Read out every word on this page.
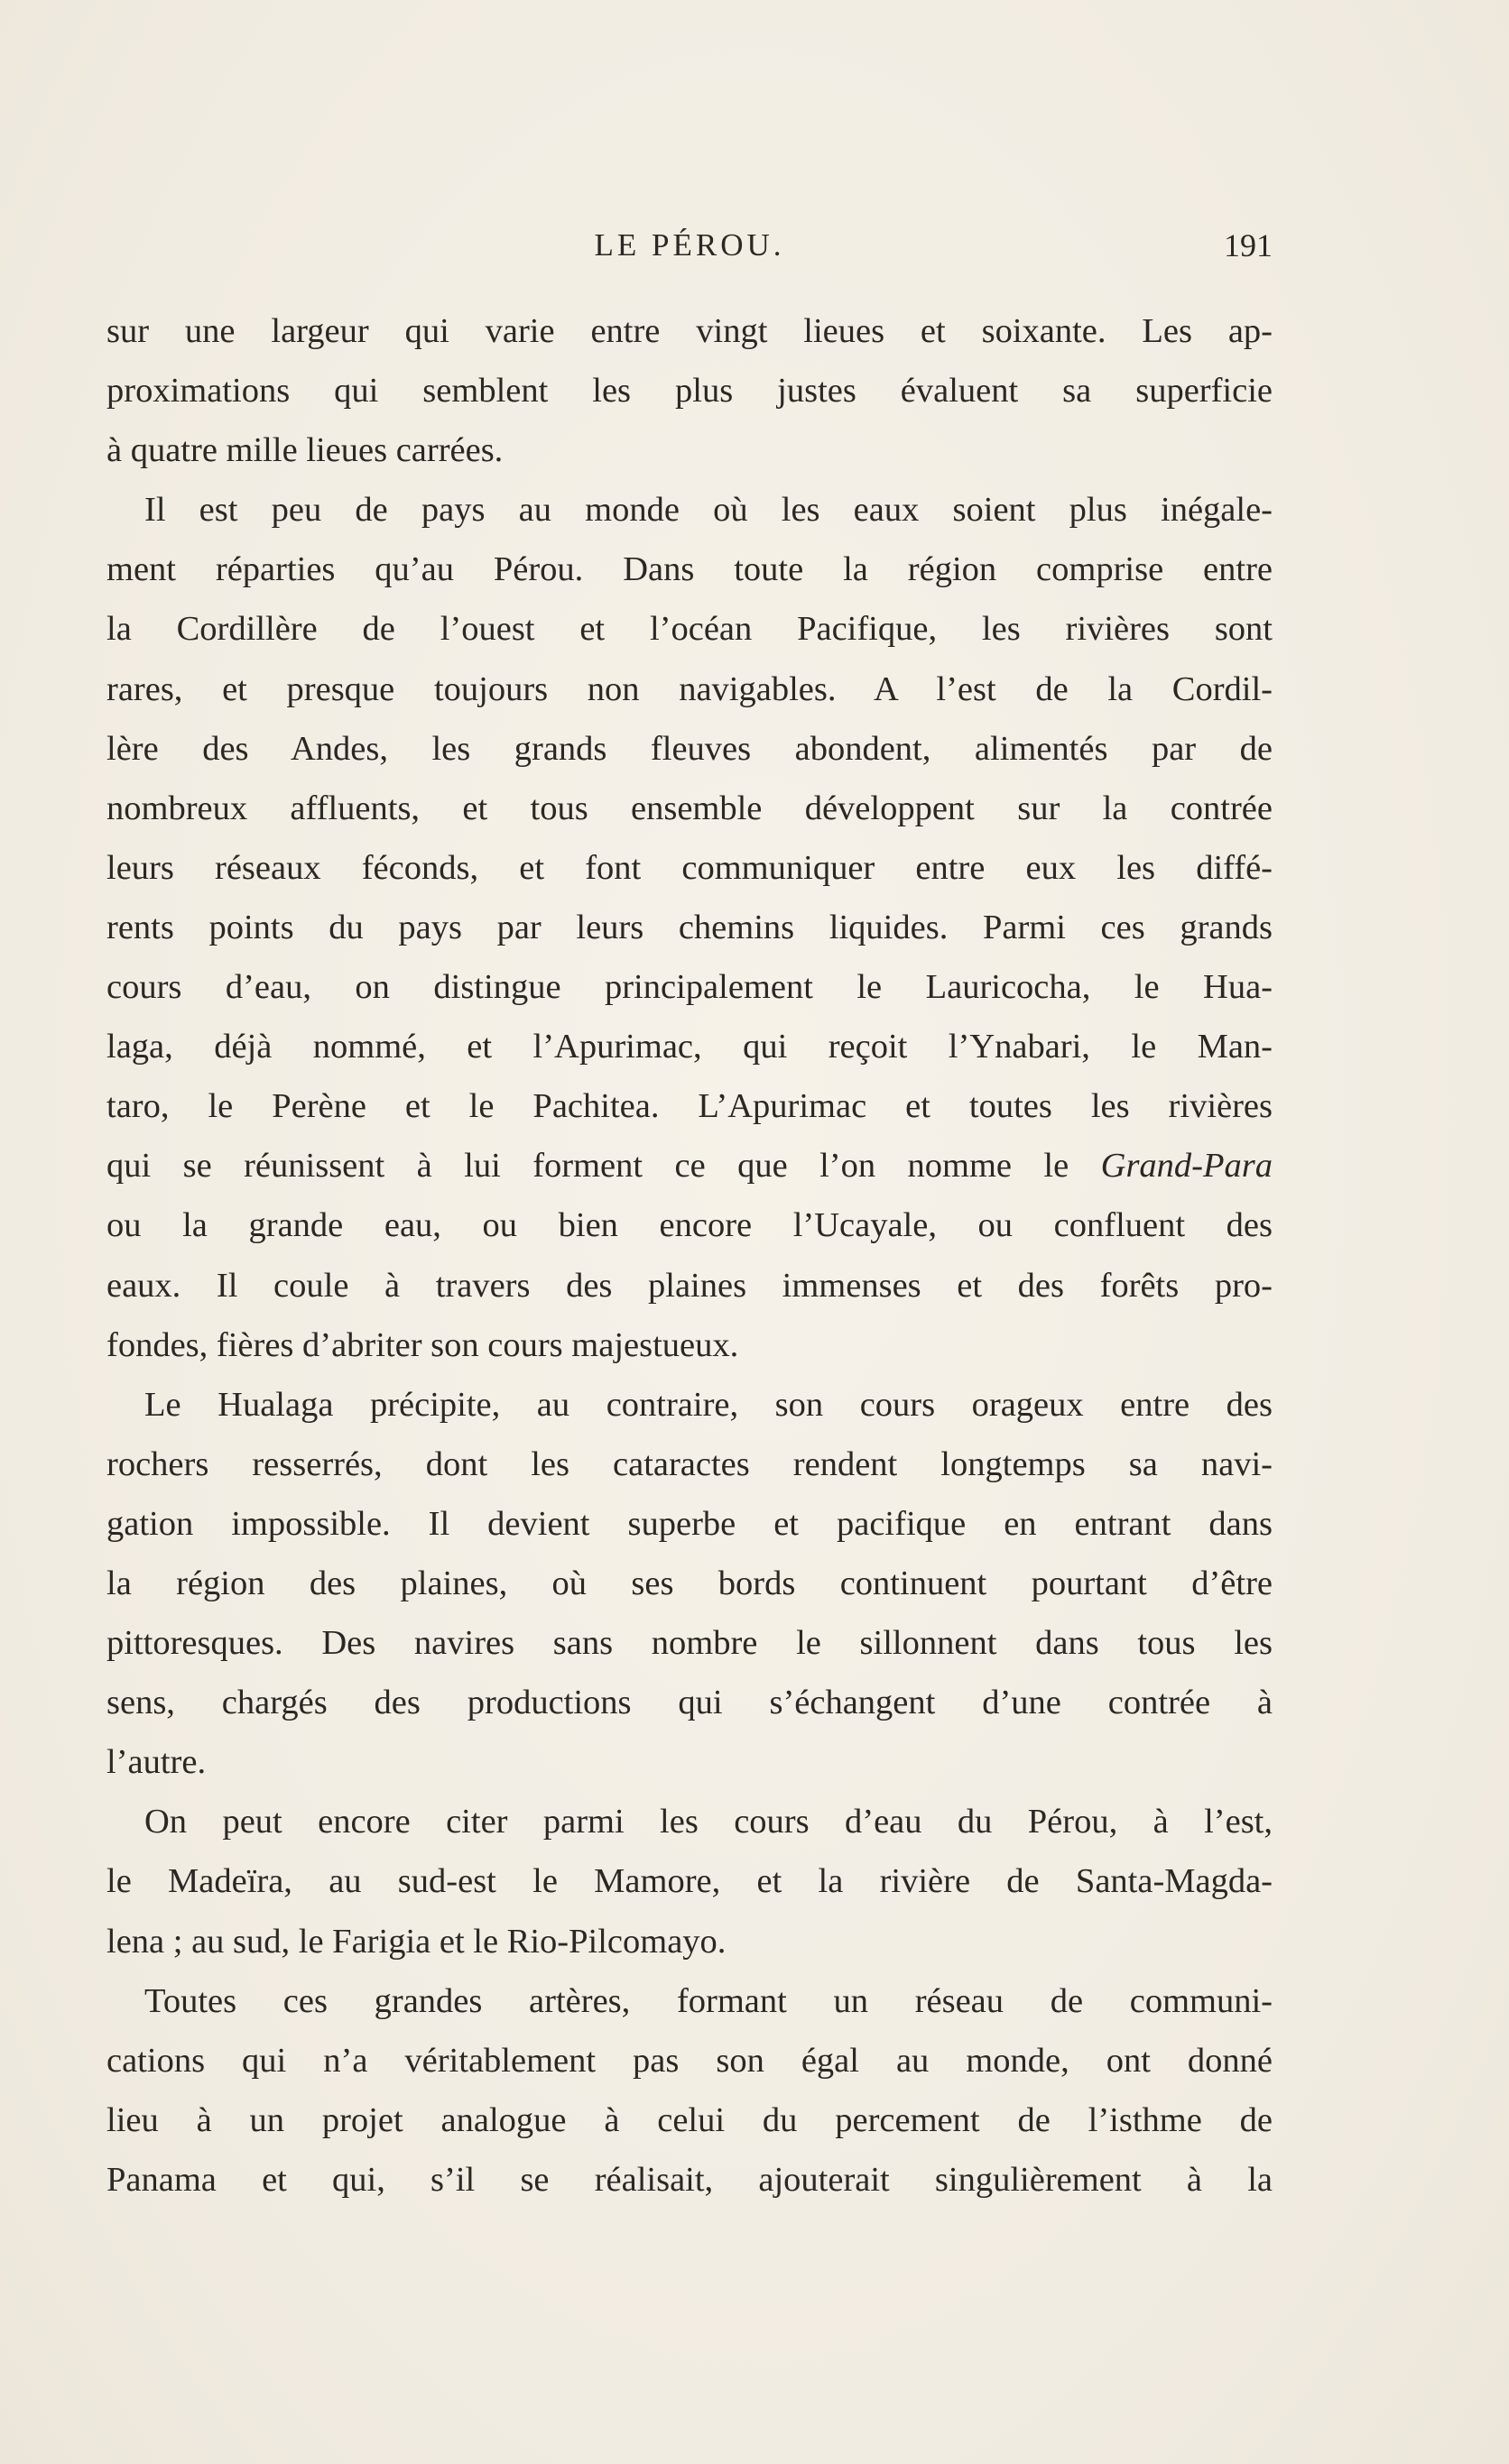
LE PÉROU.	191
sur une largeur qui varie entre vingt lieues et soixante. Les ap-
proximations qui semblent les plus justes évaluent sa superficie
à quatre mille lieues carrées.
Il est peu de pays au monde où les eaux soient plus inégale-
ment réparties qu’au Pérou. Dans toute la région comprise entre
la Cordillère de l’ouest et l’océan Pacifique, les rivières sont
rares, et presque toujours non navigables. A l’est de la Cordil-
lère des Andes, les grands fleuves abondent, alimentés par de
nombreux affluents, et tous ensemble développent sur la contrée
leurs réseaux féconds, et font communiquer entre eux les diffé-
rents points du pays par leurs chemins liquides. Parmi ces grands
cours d’eau, on distingue principalement le Lauricocha, le Hua-
laga, déjà nommé, et l’Apurimac, qui reçoit l’Ynabari, le Man-
taro, le Perène et le Pachitea. L’Apurimac et toutes les rivières
qui se réunissent à lui forment ce que l’on nomme le Grand-Para
ou la grande eau, ou bien encore l’Ucayale, ou confluent des
eaux. Il coule à travers des plaines immenses et des forêts pro-
fondes, fières d’abriter son cours majestueux.
Le Hualaga précipite, au contraire, son cours orageux entre des
rochers resserrés, dont les cataractes rendent longtemps sa navi-
gation impossible. Il devient superbe et pacifique en entrant dans
la région des plaines, où ses bords continuent pourtant d’être
pittoresques. Des navires sans nombre le sillonnent dans tous les
sens, chargés des productions qui s’échangent d’une contrée à
l’autre.
On peut encore citer parmi les cours d’eau du Pérou, à l’est,
le Madeïra, au sud-est le Mamore, et la rivière de Santa-Magda-
lena ; au sud, le Farigia et le Rio-Pilcomayo.
Toutes ces grandes artères, formant un réseau de communi-
cations qui n’a véritablement pas son égal au monde, ont donné
lieu à un projet analogue à celui du percement de l’isthme de
Panama et qui, s’il se réalisait, ajouterait singulièrement à la
